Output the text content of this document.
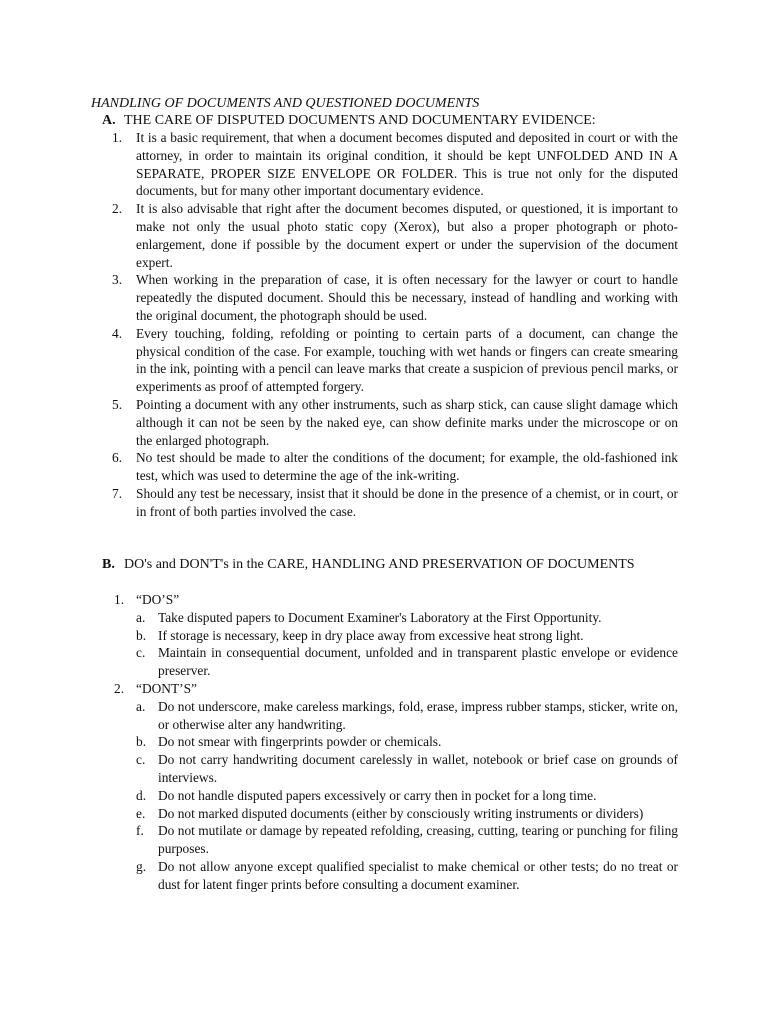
HANDLING OF DOCUMENTS AND QUESTIONED DOCUMENTS
A. THE CARE OF DISPUTED DOCUMENTS AND DOCUMENTARY EVIDENCE:
1. It is a basic requirement, that when a document becomes disputed and deposited in court or with the attorney, in order to maintain its original condition, it should be kept UNFOLDED AND IN A SEPARATE, PROPER SIZE ENVELOPE OR FOLDER. This is true not only for the disputed documents, but for many other important documentary evidence.
2. It is also advisable that right after the document becomes disputed, or questioned, it is important to make not only the usual photo static copy (Xerox), but also a proper photograph or photo-enlargement, done if possible by the document expert or under the supervision of the document expert.
3. When working in the preparation of case, it is often necessary for the lawyer or court to handle repeatedly the disputed document. Should this be necessary, instead of handling and working with the original document, the photograph should be used.
4. Every touching, folding, refolding or pointing to certain parts of a document, can change the physical condition of the case. For example, touching with wet hands or fingers can create smearing in the ink, pointing with a pencil can leave marks that create a suspicion of previous pencil marks, or experiments as proof of attempted forgery.
5. Pointing a document with any other instruments, such as sharp stick, can cause slight damage which although it can not be seen by the naked eye, can show definite marks under the microscope or on the enlarged photograph.
6. No test should be made to alter the conditions of the document; for example, the old-fashioned ink test, which was used to determine the age of the ink-writing.
7. Should any test be necessary, insist that it should be done in the presence of a chemist, or in court, or in front of both parties involved the case.
B. DO's and DON'T's in the CARE, HANDLING AND PRESERVATION OF DOCUMENTS
1. “DO’S”
a. Take disputed papers to Document Examiner's Laboratory at the First Opportunity.
b. If storage is necessary, keep in dry place away from excessive heat strong light.
c. Maintain in consequential document, unfolded and in transparent plastic envelope or evidence preserver.
2. “DONT’S”
a. Do not underscore, make careless markings, fold, erase, impress rubber stamps, sticker, write on, or otherwise alter any handwriting.
b. Do not smear with fingerprints powder or chemicals.
c. Do not carry handwriting document carelessly in wallet, notebook or brief case on grounds of interviews.
d. Do not handle disputed papers excessively or carry then in pocket for a long time.
e. Do not marked disputed documents (either by consciously writing instruments or dividers)
f. Do not mutilate or damage by repeated refolding, creasing, cutting, tearing or punching for filing purposes.
g. Do not allow anyone except qualified specialist to make chemical or other tests; do no treat or dust for latent finger prints before consulting a document examiner.
